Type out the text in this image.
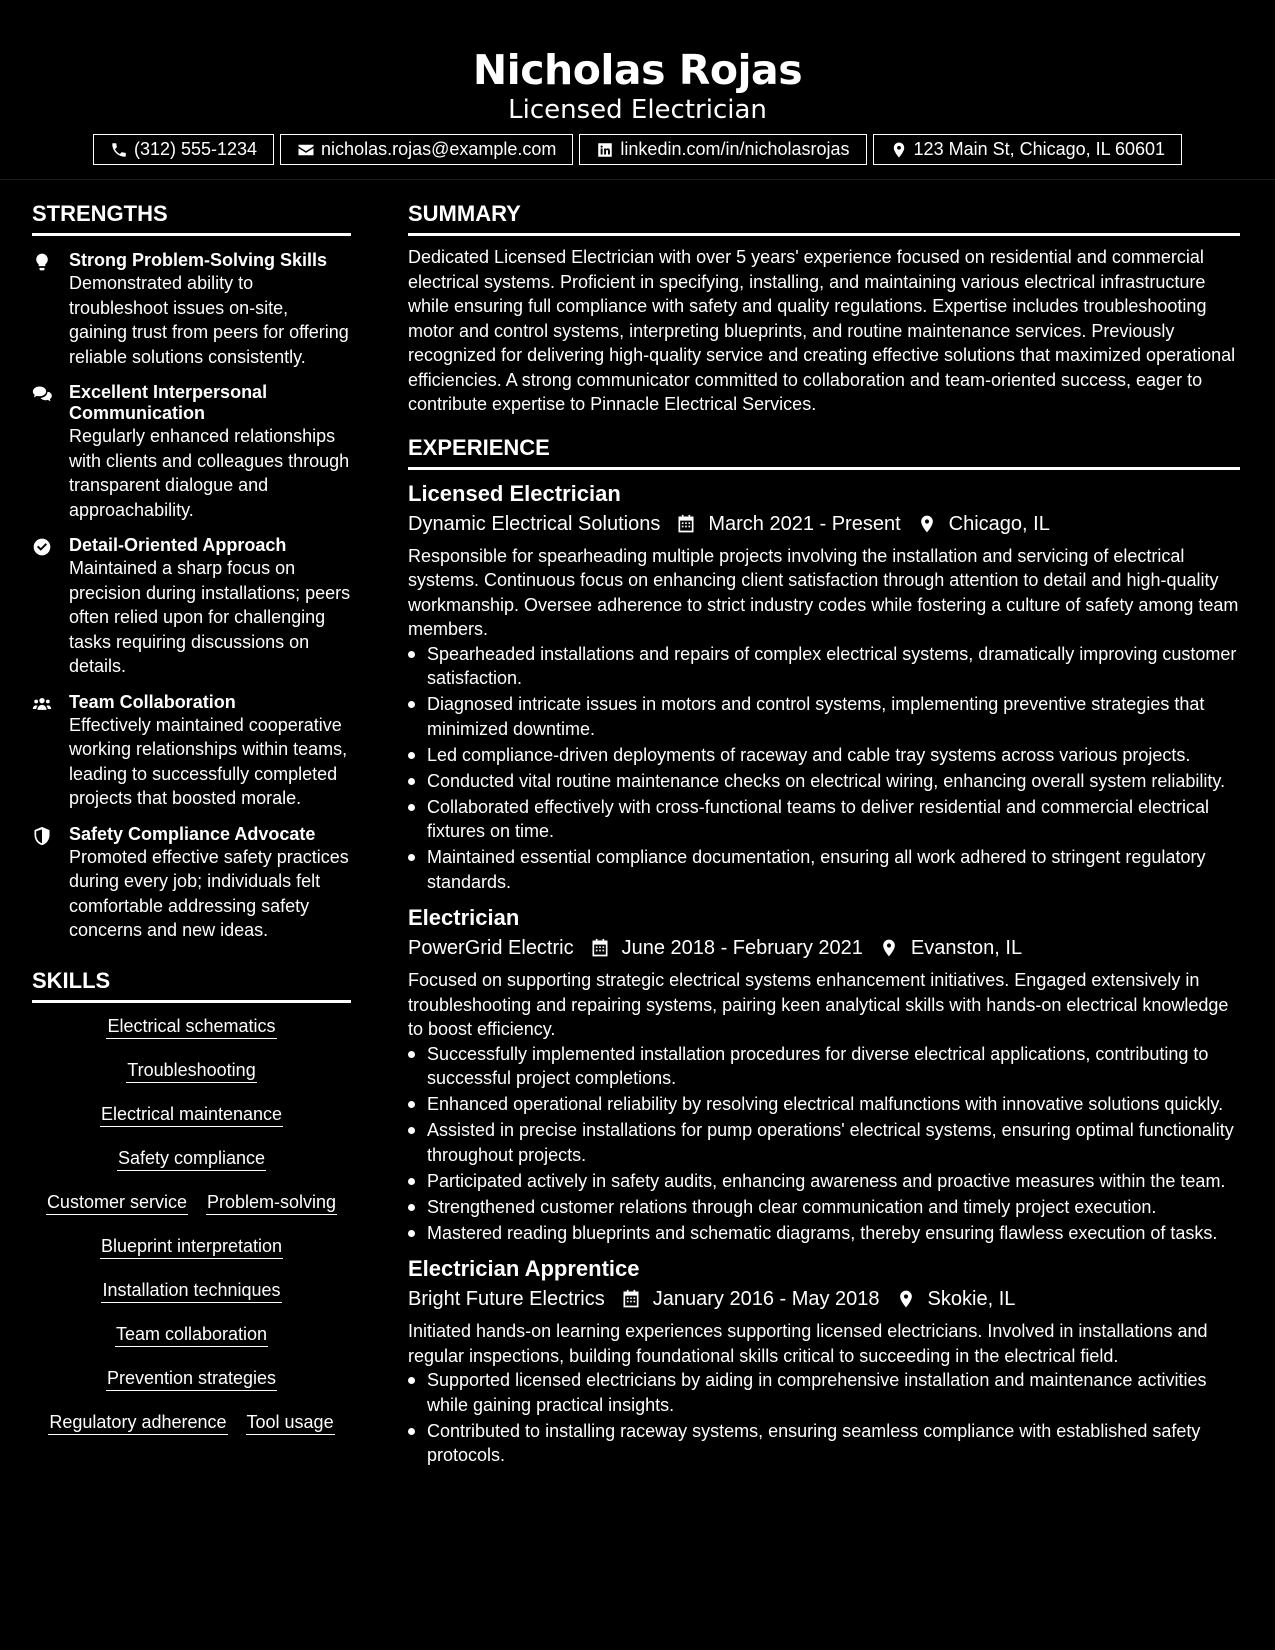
Nicholas Rojas
Licensed Electrician
(312) 555-1234	nicholas.rojas@example.com	linkedin.com/in/nicholasrojas	123 Main St, Chicago, IL 60601
STRENGTHS
Strong Problem-Solving Skills
Demonstrated ability to troubleshoot issues on-site, gaining trust from peers for offering reliable solutions consistently.
Excellent Interpersonal Communication
Regularly enhanced relationships with clients and colleagues through transparent dialogue and approachability.
Detail-Oriented Approach
Maintained a sharp focus on precision during installations; peers often relied upon for challenging tasks requiring discussions on details.
Team Collaboration
Effectively maintained cooperative working relationships within teams, leading to successfully completed projects that boosted morale.
Safety Compliance Advocate
Promoted effective safety practices during every job; individuals felt comfortable addressing safety concerns and new ideas.
SKILLS
Electrical schematics
Troubleshooting
Electrical maintenance
Safety compliance
Customer service Problem-solving
Blueprint interpretation
Installation techniques
Team collaboration
Prevention strategies
Regulatory adherence Tool usage
SUMMARY
Dedicated Licensed Electrician with over 5 years' experience focused on residential and commercial electrical systems. Proficient in specifying, installing, and maintaining various electrical infrastructure while ensuring full compliance with safety and quality regulations. Expertise includes troubleshooting motor and control systems, interpreting blueprints, and routine maintenance services. Previously recognized for delivering high-quality service and creating effective solutions that maximized operational efficiencies. A strong communicator committed to collaboration and team-oriented success, eager to contribute expertise to Pinnacle Electrical Services.
EXPERIENCE
Licensed Electrician
Dynamic Electrical Solutions March 2021 - Present Chicago, IL
Responsible for spearheading multiple projects involving the installation and servicing of electrical systems. Continuous focus on enhancing client satisfaction through attention to detail and high-quality workmanship. Oversee adherence to strict industry codes while fostering a culture of safety among team members.
Spearheaded installations and repairs of complex electrical systems, dramatically improving customer satisfaction.
Diagnosed intricate issues in motors and control systems, implementing preventive strategies that minimized downtime.
Led compliance-driven deployments of raceway and cable tray systems across various projects.
Conducted vital routine maintenance checks on electrical wiring, enhancing overall system reliability.
Collaborated effectively with cross-functional teams to deliver residential and commercial electrical fixtures on time.
Maintained essential compliance documentation, ensuring all work adhered to stringent regulatory standards.
Electrician
PowerGrid Electric June 2018 - February 2021 Evanston, IL
Focused on supporting strategic electrical systems enhancement initiatives. Engaged extensively in troubleshooting and repairing systems, pairing keen analytical skills with hands-on electrical knowledge to boost efficiency.
Successfully implemented installation procedures for diverse electrical applications, contributing to successful project completions.
Enhanced operational reliability by resolving electrical malfunctions with innovative solutions quickly.
Assisted in precise installations for pump operations' electrical systems, ensuring optimal functionality throughout projects.
Participated actively in safety audits, enhancing awareness and proactive measures within the team.
Strengthened customer relations through clear communication and timely project execution.
Mastered reading blueprints and schematic diagrams, thereby ensuring flawless execution of tasks.
Electrician Apprentice
Bright Future Electrics January 2016 - May 2018 Skokie, IL
Initiated hands-on learning experiences supporting licensed electricians. Involved in installations and regular inspections, building foundational skills critical to succeeding in the electrical field.
Supported licensed electricians by aiding in comprehensive installation and maintenance activities while gaining practical insights.
Contributed to installing raceway systems, ensuring seamless compliance with established safety protocols.
